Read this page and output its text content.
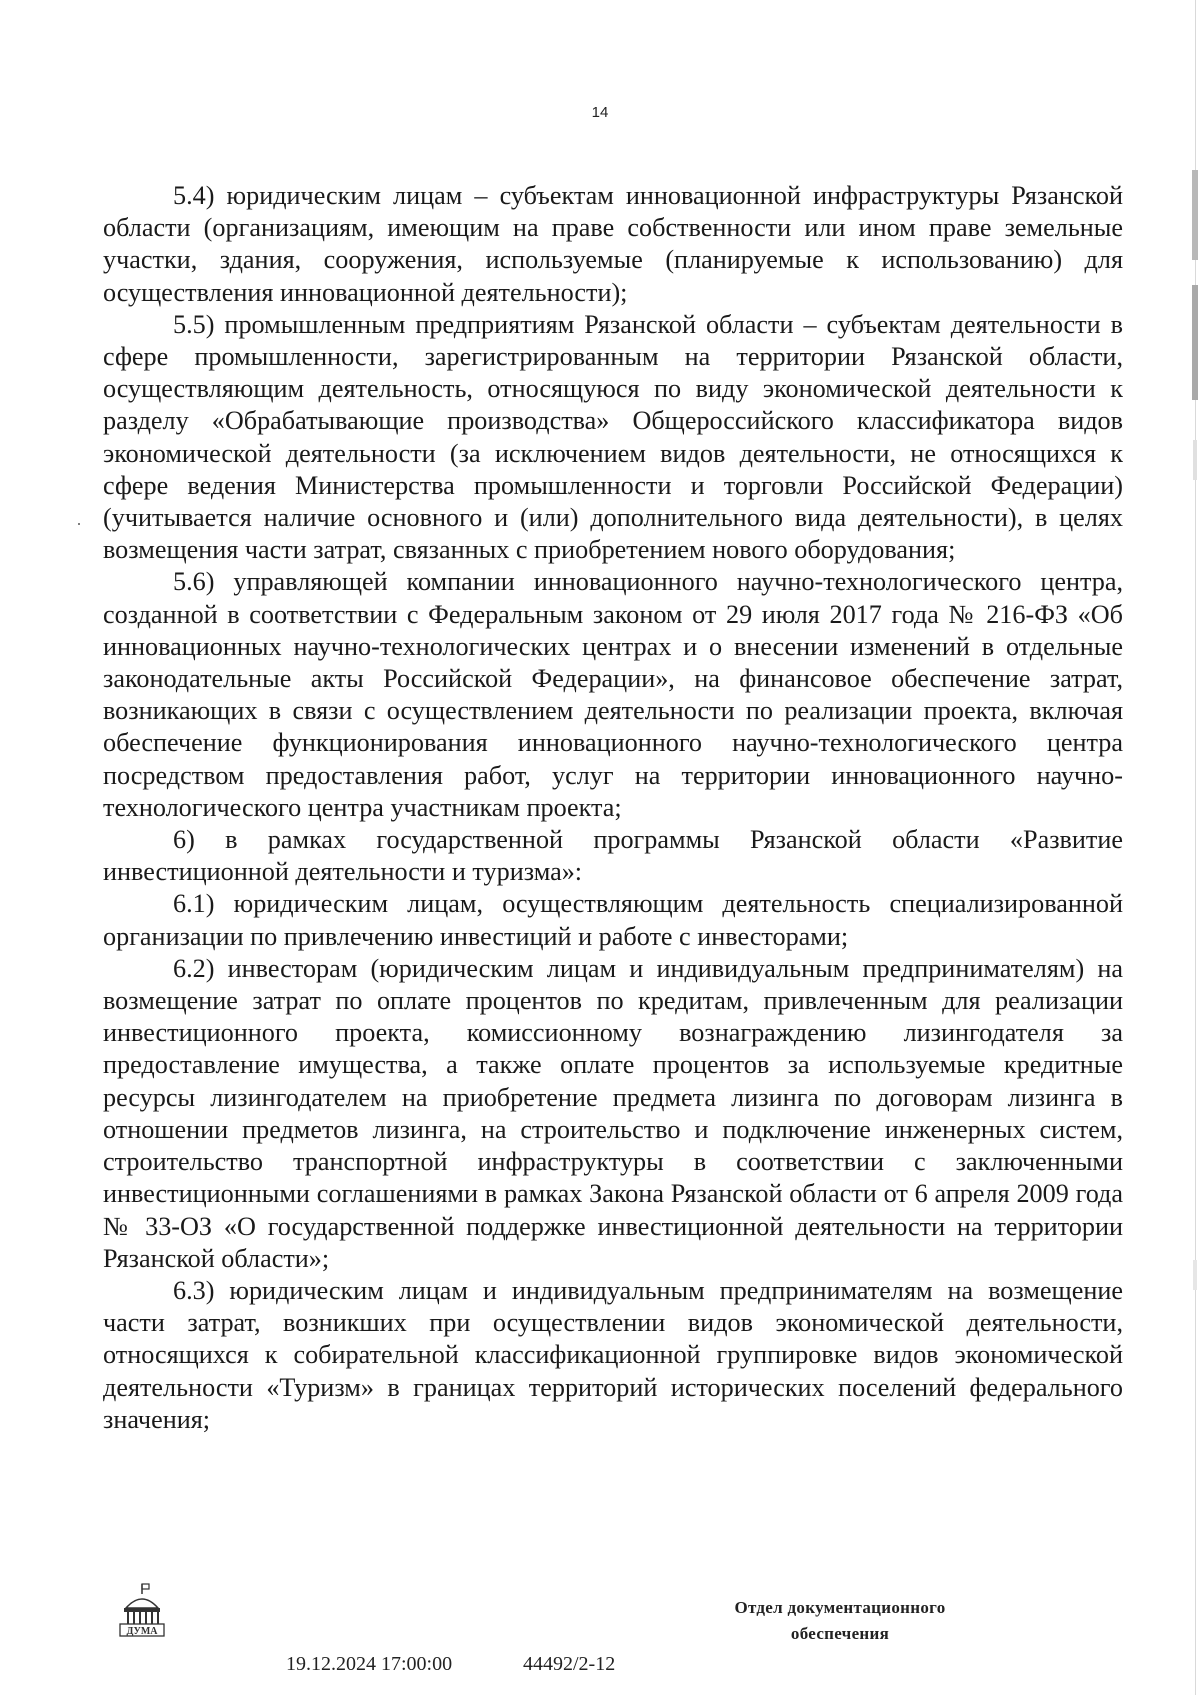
14

5.4) юридическим лицам – субъектам инновационной инфраструктуры Рязанской области (организациям, имеющим на праве собственности или ином праве земельные участки, здания, сооружения, используемые (планируемые к использованию) для осуществления инновационной деятельности);

5.5) промышленным предприятиям Рязанской области – субъектам деятельности в сфере промышленности, зарегистрированным на территории Рязанской области, осуществляющим деятельность, относящуюся по виду экономической деятельности к разделу «Обрабатывающие производства» Общероссийского классификатора видов экономической деятельности (за исключением видов деятельности, не относящихся к сфере ведения Министерства промышленности и торговли Российской Федерации) (учитывается наличие основного и (или) дополнительного вида деятельности), в целях возмещения части затрат, связанных с приобретением нового оборудования;

5.6) управляющей компании инновационного научно-технологического центра, созданной в соответствии с Федеральным законом от 29 июля 2017 года № 216-ФЗ «Об инновационных научно-технологических центрах и о внесении изменений в отдельные законодательные акты Российской Федерации», на финансовое обеспечение затрат, возникающих в связи с осуществлением деятельности по реализации проекта, включая обеспечение функционирования инновационного научно-технологического центра посредством предоставления работ, услуг на территории инновационного научно-технологического центра участникам проекта;

6) в рамках государственной программы Рязанской области «Развитие инвестиционной деятельности и туризма»:

6.1) юридическим лицам, осуществляющим деятельность специализированной организации по привлечению инвестиций и работе с инвесторами;

6.2) инвесторам (юридическим лицам и индивидуальным предпринимателям) на возмещение затрат по оплате процентов по кредитам, привлеченным для реализации инвестиционного проекта, комиссионному вознаграждению лизингодателя за предоставление имущества, а также оплате процентов за используемые кредитные ресурсы лизингодателем на приобретение предмета лизинга по договорам лизинга в отношении предметов лизинга, на строительство и подключение инженерных систем, строительство транспортной инфраструктуры в соответствии с заключенными инвестиционными соглашениями в рамках Закона Рязанской области от 6 апреля 2009 года № 33-ОЗ «О государственной поддержке инвестиционной деятельности на территории Рязанской области»;

6.3) юридическим лицам и индивидуальным предпринимателям на возмещение части затрат, возникших при осуществлении видов экономической деятельности, относящихся к собирательной классификационной группировке видов экономической деятельности «Туризм» в границах территорий исторических поселений федерального значения;

ДУМА
19.12.2024 17:00:00	44492/2-12
Отдел документационного
обеспечения
